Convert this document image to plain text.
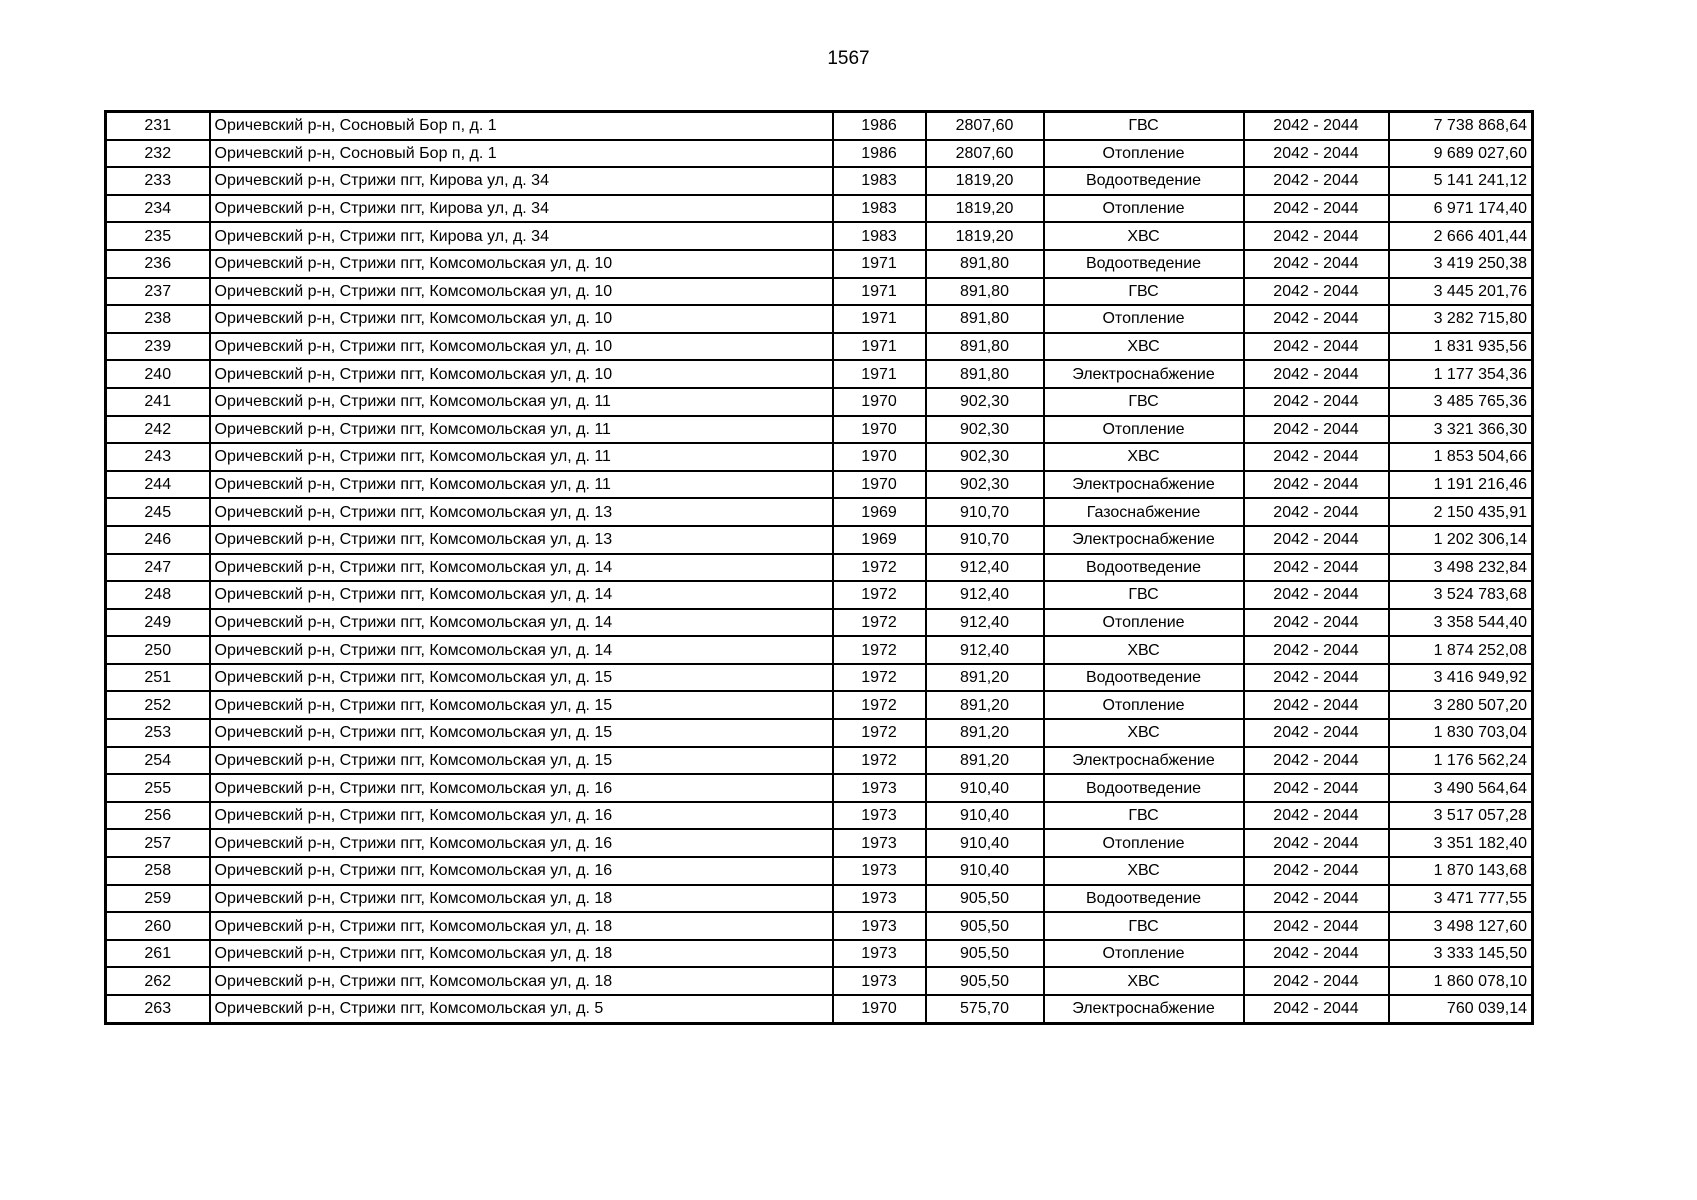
1567
231	Оричевский р-н, Сосновый Бор п, д. 1	1986	2807,60	ГВС	2042 - 2044	7 738 868,64
232	Оричевский р-н, Сосновый Бор п, д. 1	1986	2807,60	Отопление	2042 - 2044	9 689 027,60
233	Оричевский р-н, Стрижи пгт, Кирова ул, д. 34	1983	1819,20	Водоотведение	2042 - 2044	5 141 241,12
234	Оричевский р-н, Стрижи пгт, Кирова ул, д. 34	1983	1819,20	Отопление	2042 - 2044	6 971 174,40
235	Оричевский р-н, Стрижи пгт, Кирова ул, д. 34	1983	1819,20	ХВС	2042 - 2044	2 666 401,44
236	Оричевский р-н, Стрижи пгт, Комсомольская ул, д. 10	1971	891,80	Водоотведение	2042 - 2044	3 419 250,38
237	Оричевский р-н, Стрижи пгт, Комсомольская ул, д. 10	1971	891,80	ГВС	2042 - 2044	3 445 201,76
238	Оричевский р-н, Стрижи пгт, Комсомольская ул, д. 10	1971	891,80	Отопление	2042 - 2044	3 282 715,80
239	Оричевский р-н, Стрижи пгт, Комсомольская ул, д. 10	1971	891,80	ХВС	2042 - 2044	1 831 935,56
240	Оричевский р-н, Стрижи пгт, Комсомольская ул, д. 10	1971	891,80	Электроснабжение	2042 - 2044	1 177 354,36
241	Оричевский р-н, Стрижи пгт, Комсомольская ул, д. 11	1970	902,30	ГВС	2042 - 2044	3 485 765,36
242	Оричевский р-н, Стрижи пгт, Комсомольская ул, д. 11	1970	902,30	Отопление	2042 - 2044	3 321 366,30
243	Оричевский р-н, Стрижи пгт, Комсомольская ул, д. 11	1970	902,30	ХВС	2042 - 2044	1 853 504,66
244	Оричевский р-н, Стрижи пгт, Комсомольская ул, д. 11	1970	902,30	Электроснабжение	2042 - 2044	1 191 216,46
245	Оричевский р-н, Стрижи пгт, Комсомольская ул, д. 13	1969	910,70	Газоснабжение	2042 - 2044	2 150 435,91
246	Оричевский р-н, Стрижи пгт, Комсомольская ул, д. 13	1969	910,70	Электроснабжение	2042 - 2044	1 202 306,14
247	Оричевский р-н, Стрижи пгт, Комсомольская ул, д. 14	1972	912,40	Водоотведение	2042 - 2044	3 498 232,84
248	Оричевский р-н, Стрижи пгт, Комсомольская ул, д. 14	1972	912,40	ГВС	2042 - 2044	3 524 783,68
249	Оричевский р-н, Стрижи пгт, Комсомольская ул, д. 14	1972	912,40	Отопление	2042 - 2044	3 358 544,40
250	Оричевский р-н, Стрижи пгт, Комсомольская ул, д. 14	1972	912,40	ХВС	2042 - 2044	1 874 252,08
251	Оричевский р-н, Стрижи пгт, Комсомольская ул, д. 15	1972	891,20	Водоотведение	2042 - 2044	3 416 949,92
252	Оричевский р-н, Стрижи пгт, Комсомольская ул, д. 15	1972	891,20	Отопление	2042 - 2044	3 280 507,20
253	Оричевский р-н, Стрижи пгт, Комсомольская ул, д. 15	1972	891,20	ХВС	2042 - 2044	1 830 703,04
254	Оричевский р-н, Стрижи пгт, Комсомольская ул, д. 15	1972	891,20	Электроснабжение	2042 - 2044	1 176 562,24
255	Оричевский р-н, Стрижи пгт, Комсомольская ул, д. 16	1973	910,40	Водоотведение	2042 - 2044	3 490 564,64
256	Оричевский р-н, Стрижи пгт, Комсомольская ул, д. 16	1973	910,40	ГВС	2042 - 2044	3 517 057,28
257	Оричевский р-н, Стрижи пгт, Комсомольская ул, д. 16	1973	910,40	Отопление	2042 - 2044	3 351 182,40
258	Оричевский р-н, Стрижи пгт, Комсомольская ул, д. 16	1973	910,40	ХВС	2042 - 2044	1 870 143,68
259	Оричевский р-н, Стрижи пгт, Комсомольская ул, д. 18	1973	905,50	Водоотведение	2042 - 2044	3 471 777,55
260	Оричевский р-н, Стрижи пгт, Комсомольская ул, д. 18	1973	905,50	ГВС	2042 - 2044	3 498 127,60
261	Оричевский р-н, Стрижи пгт, Комсомольская ул, д. 18	1973	905,50	Отопление	2042 - 2044	3 333 145,50
262	Оричевский р-н, Стрижи пгт, Комсомольская ул, д. 18	1973	905,50	ХВС	2042 - 2044	1 860 078,10
263	Оричевский р-н, Стрижи пгт, Комсомольская ул, д. 5	1970	575,70	Электроснабжение	2042 - 2044	760 039,14
